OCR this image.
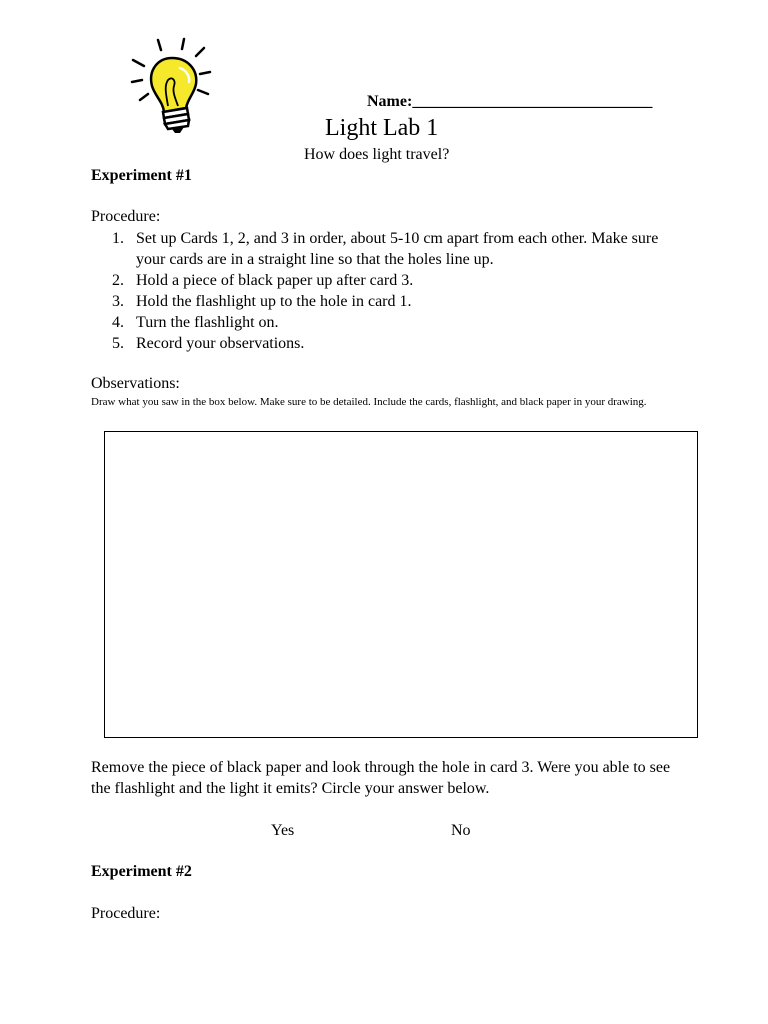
Name:______________________________
Light Lab 1
How does light travel?
Experiment #1
Procedure:
1. Set up Cards 1, 2, and 3 in order, about 5-10 cm apart from each other. Make sure your cards are in a straight line so that the holes line up.
2. Hold a piece of black paper up after card 3.
3. Hold the flashlight up to the hole in card 1.
4. Turn the flashlight on.
5. Record your observations.
Observations:
Draw what you saw in the box below. Make sure to be detailed. Include the cards, flashlight, and black paper in your drawing.
Remove the piece of black paper and look through the hole in card 3. Were you able to see the flashlight and the light it emits? Circle your answer below.
Yes	No
Experiment #2
Procedure:
